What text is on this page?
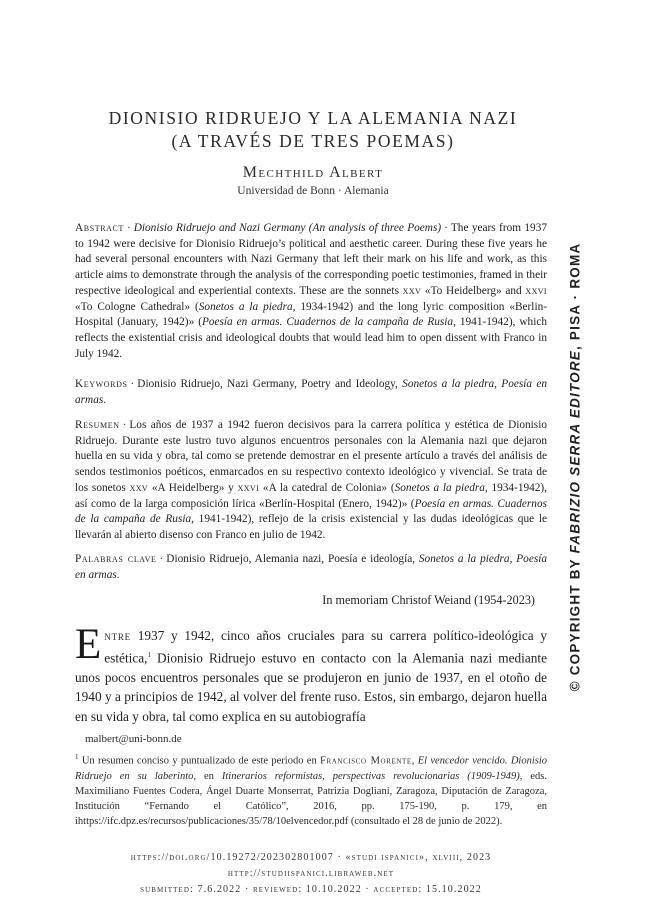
DIONISIO RIDRUEJO Y LA ALEMANIA NAZI
(A TRAVÉS DE TRES POEMAS)
Mechthild Albert
Universidad de Bonn · Alemania
Abstract · Dionisio Ridruejo and Nazi Germany (An analysis of three Poems) · The years from 1937 to 1942 were decisive for Dionisio Ridruejo’s political and aesthetic career. During these five years he had several personal encounters with Nazi Germany that left their mark on his life and work, as this article aims to demonstrate through the analysis of the corresponding poetic testimonies, framed in their respective ideological and experiential contexts. These are the sonnets xxv «To Heidelberg» and xxvi «To Cologne Cathedral» (Sonetos a la piedra, 1934-1942) and the long lyric composition «Berlin-Hospital (January, 1942)» (Poesía en armas. Cuadernos de la campaña de Rusia, 1941-1942), which reflects the existential crisis and ideological doubts that would lead him to open dissent with Franco in July 1942.
Keywords · Dionisio Ridruejo, Nazi Germany, Poetry and Ideology, Sonetos a la piedra, Poesía en armas.
Resumen · Los años de 1937 a 1942 fueron decisivos para la carrera política y estética de Dionisio Ridruejo. Durante este lustro tuvo algunos encuentros personales con la Alemania nazi que dejaron huella en su vida y obra, tal como se pretende demostrar en el presente artículo a través del análisis de sendos testimonios poéticos, enmarcados en su respectivo contexto ideológico y vivencial. Se trata de los sonetos xxv «A Heidelberg» y xxvi «A la catedral de Colonia» (Sonetos a la piedra, 1934-1942), así como de la larga composición lírica «Berlín-Hospital (Enero, 1942)» (Poesía en armas. Cuadernos de la campaña de Rusia, 1941-1942), reflejo de la crisis existencial y las dudas ideológicas que le llevarán al abierto disenso con Franco en julio de 1942.
Palabras clave · Dionisio Ridruejo, Alemania nazi, Poesía e ideología, Sonetos a la piedra, Poesía en armas.
In memoriam Christof Weiand (1954-2023)
Entre 1937 y 1942, cinco años cruciales para su carrera político-ideológica y estética,$^1$ Dionisio Ridruejo estuvo en contacto con la Alemania nazi mediante unos pocos encuentros personales que se produjeron en junio de 1937, en el otoño de 1940 y a principios de 1942, al volver del frente ruso. Estos, sin embargo, dejaron huella en su vida y obra, tal como explica en su autobiografía
malbert@uni-bonn.de
$^1$ Un resumen conciso y puntualizado de este periodo en Francisco Morente, El vencedor vencido. Dionisio Ridruejo en su laberinto, en Itinerarios reformistas, perspectivas revolucionarias (1909-1949), eds. Maximiliano Fuentes Codera, Ángel Duarte Monserrat, Patrizia Dogliani, Zaragoza, Diputación de Zaragoza, Institución “Fernando el Católico”, 2016, pp. 175-190, p. 179, en ihttps://ifc.dpz.es/recursos/publicaciones/35/78/10elvencedor.pdf (consultado el 28 de junio de 2022).
https://doi.org/10.19272/202302801007 · «studi ispanici», xlviii, 2023
http://studiispanici.libraweb.net
submitted: 7.6.2022 · reviewed: 10.10.2022 · accepted: 15.10.2022
© COPYRIGHT BY FABRIZIO SERRA EDITORE, PISA · ROMA
